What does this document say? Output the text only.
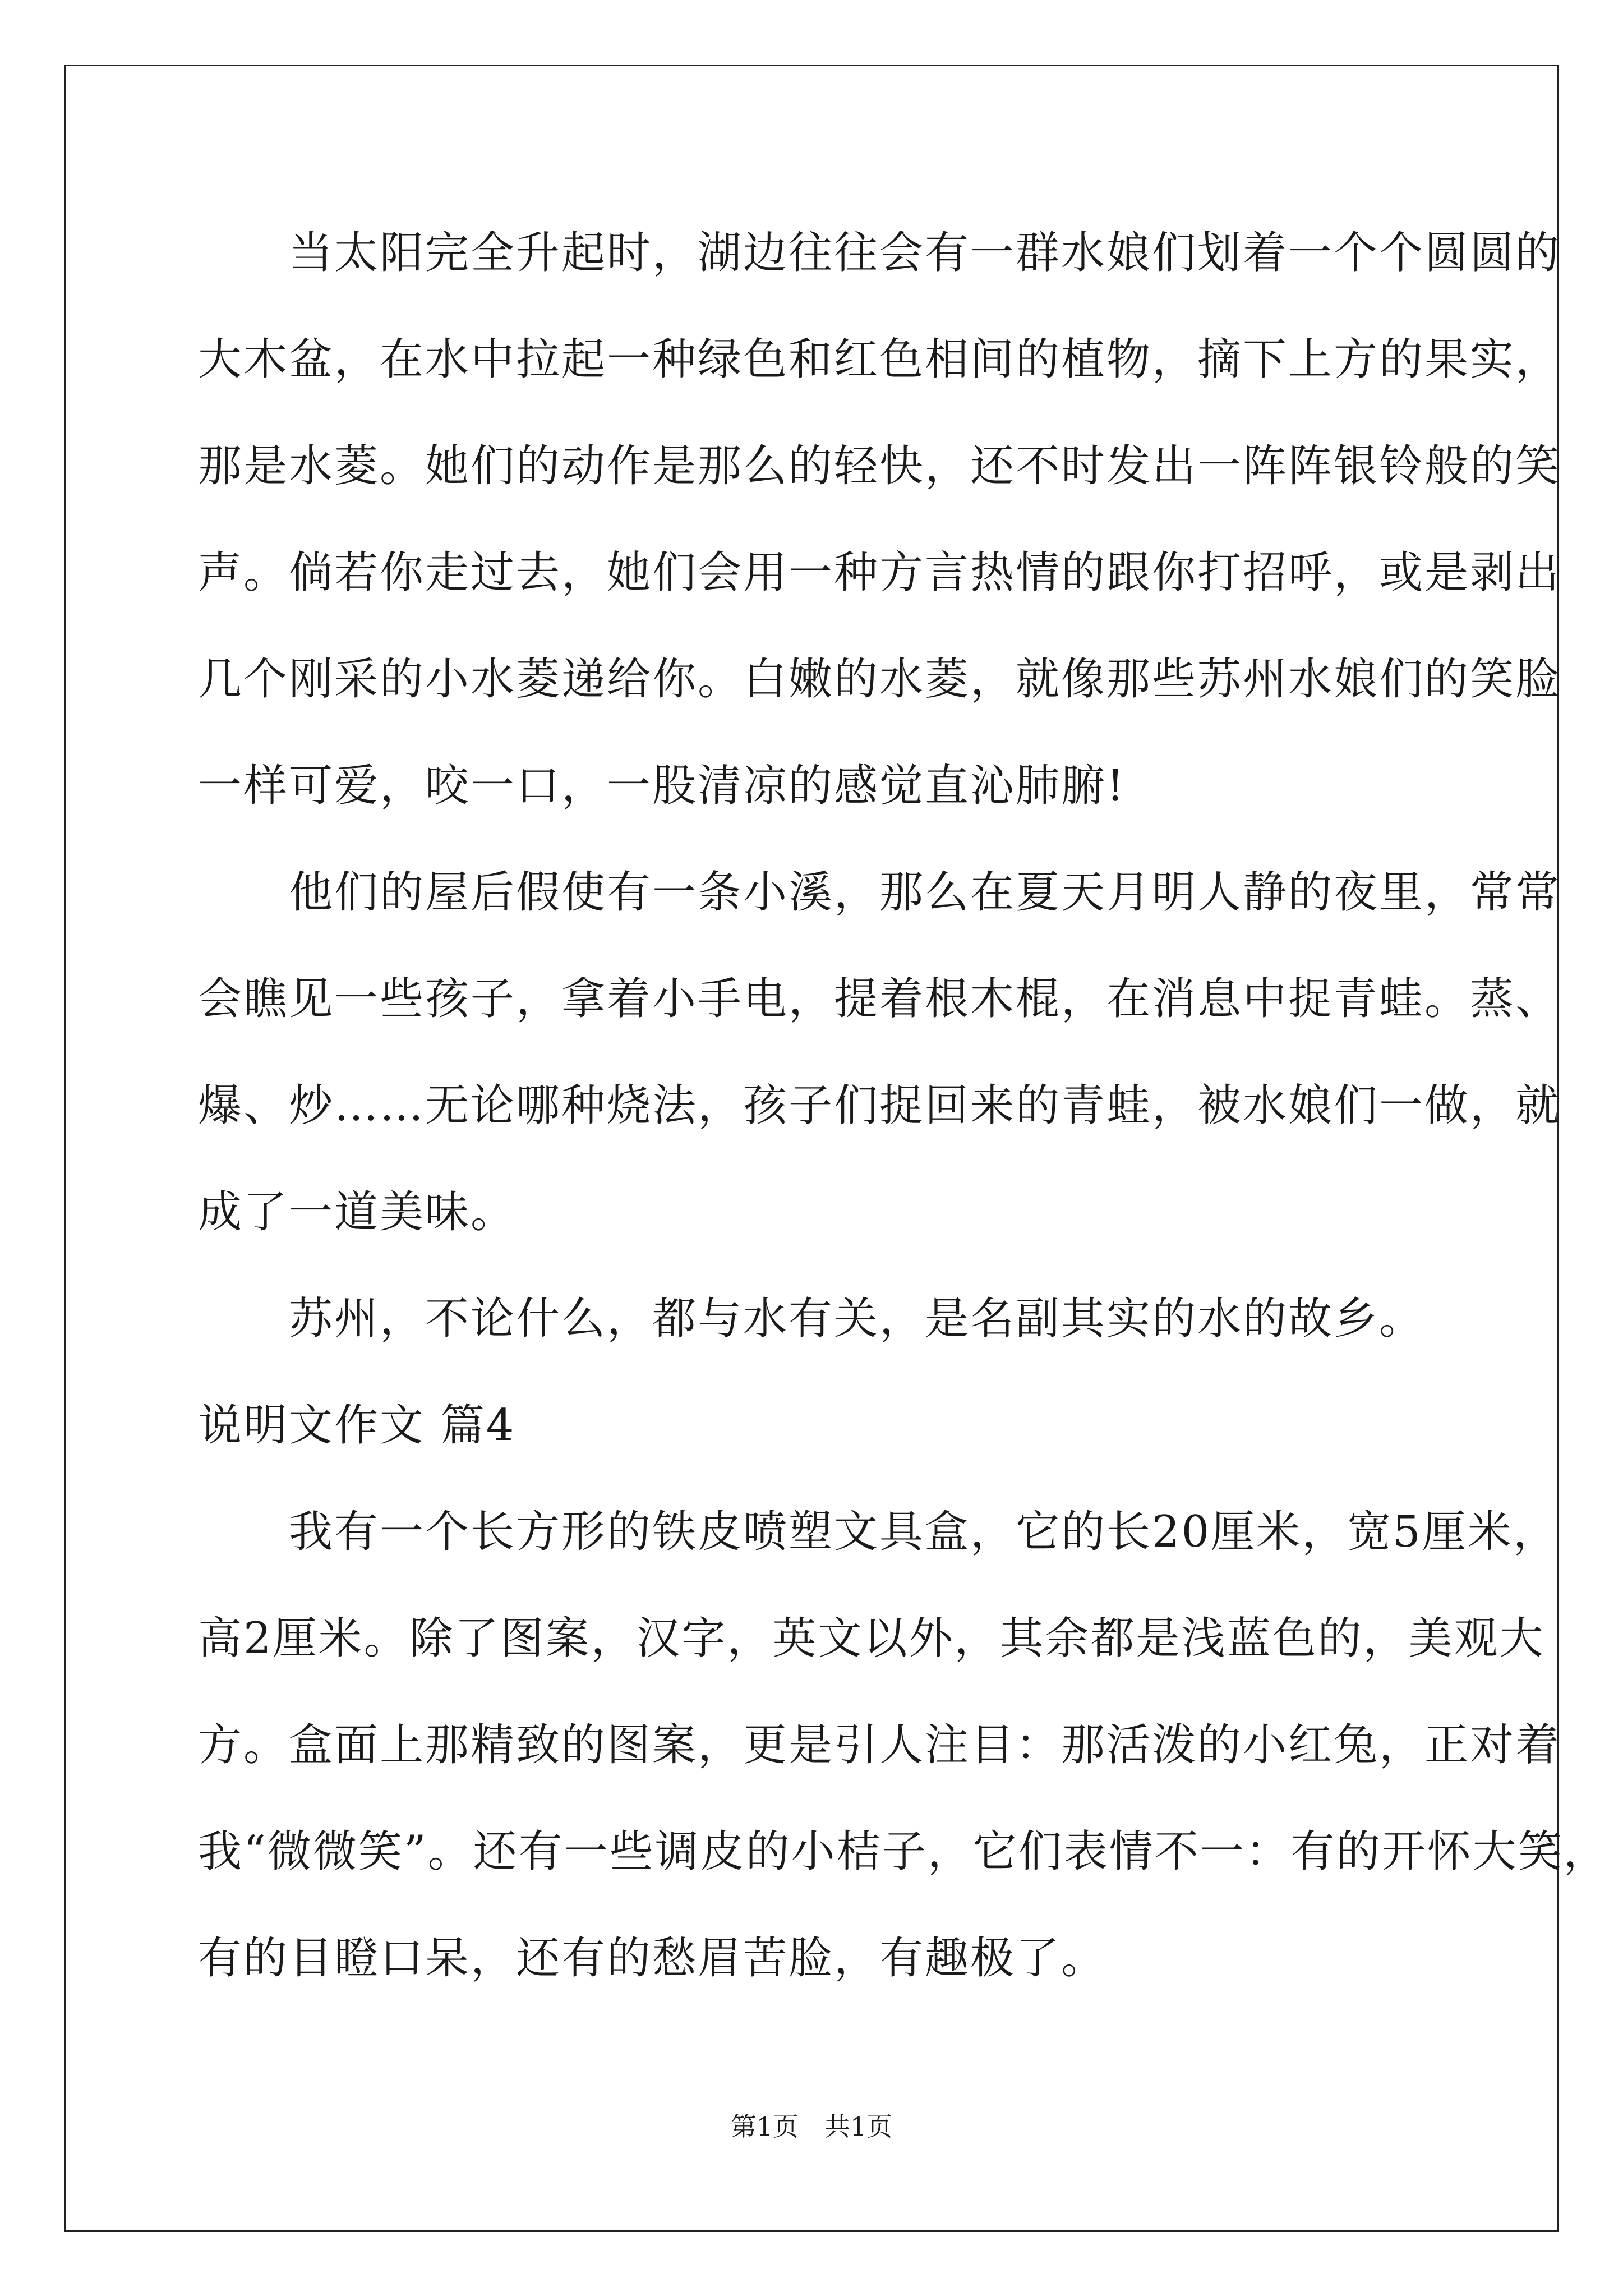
　　当太阳完全升起时，湖边往往会有一群水娘们划着一个个圆圆的
大木盆，在水中拉起一种绿色和红色相间的植物，摘下上方的果实，
那是水菱。她们的动作是那么的轻快，还不时发出一阵阵银铃般的笑
声。倘若你走过去，她们会用一种方言热情的跟你打招呼，或是剥出
几个刚采的小水菱递给你。白嫩的水菱，就像那些苏州水娘们的笑脸
一样可爱，咬一口，一股清凉的感觉直沁肺腑!
　　他们的屋后假使有一条小溪，那么在夏天月明人静的夜里，常常
会瞧见一些孩子，拿着小手电，提着根木棍，在消息中捉青蛙。蒸、
爆、炒……无论哪种烧法，孩子们捉回来的青蛙，被水娘们一做，就
成了一道美味。
　　苏州，不论什么，都与水有关，是名副其实的水的故乡。
说明文作文 篇4
　　我有一个长方形的铁皮喷塑文具盒，它的长20厘米，宽5厘米，
高2厘米。除了图案，汉字，英文以外，其余都是浅蓝色的，美观大
方。盒面上那精致的图案，更是引人注目：那活泼的小红兔，正对着
我“微微笑”。还有一些调皮的小桔子，它们表情不一：有的开怀大笑，
有的目瞪口呆，还有的愁眉苦脸，有趣极了。
第1页　共1页
